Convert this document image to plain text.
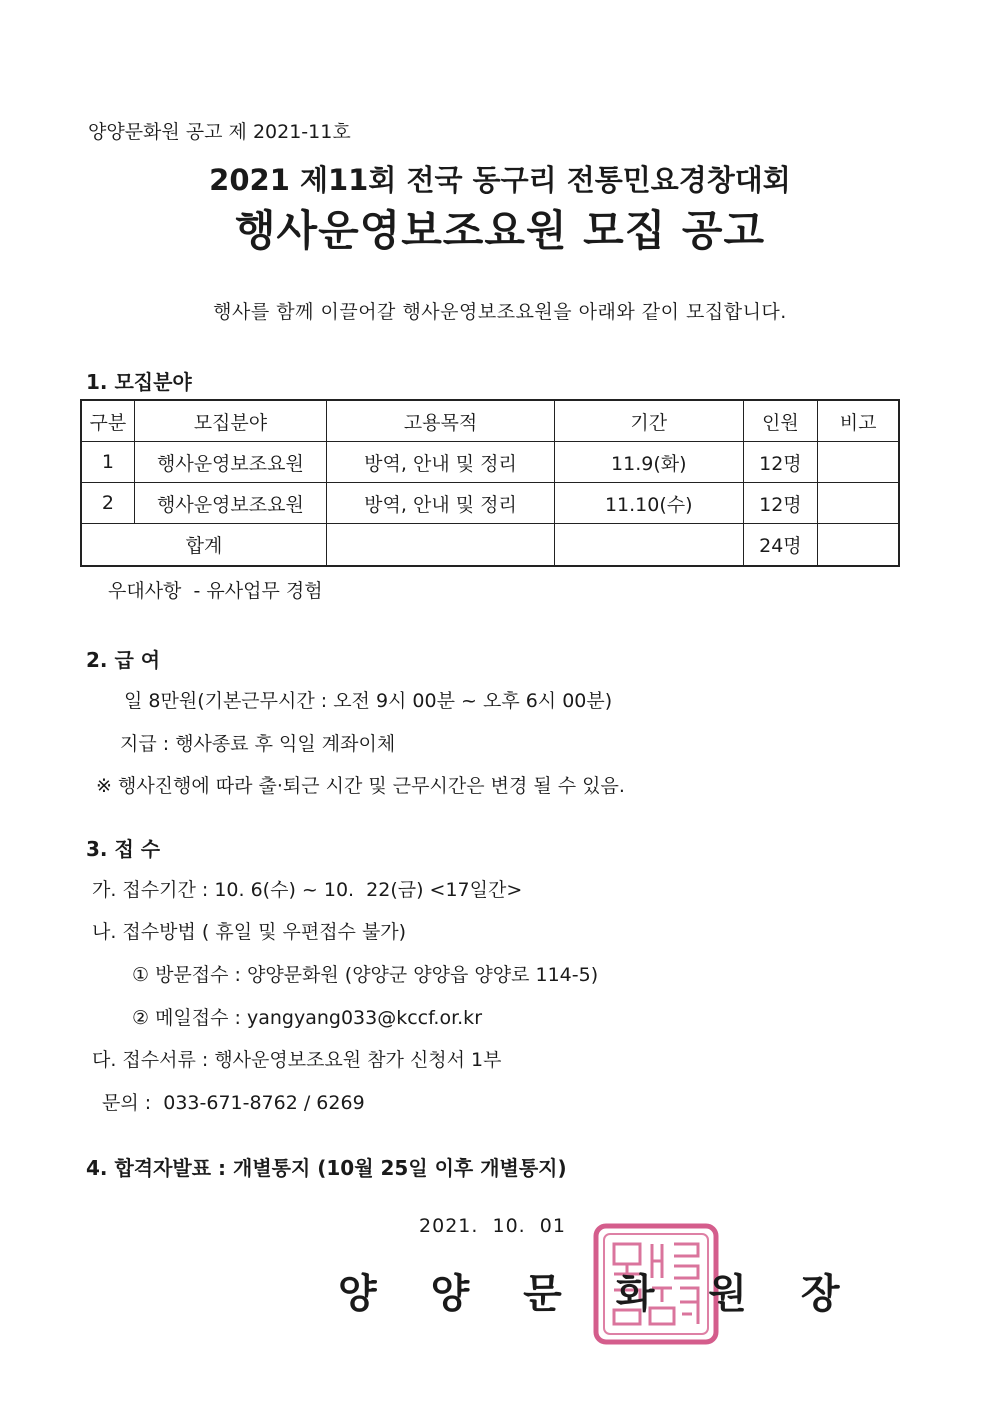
양양문화원 공고 제 2021-11호
2021 제11회 전국 동구리 전통민요경창대회
행사운영보조요원 모집 공고
행사를 함께 이끌어갈 행사운영보조요원을 아래와 같이 모집합니다.
1. 모집분야
구분	모집분야	고용목적	기간	인원	비고
1	행사운영보조요원	방역, 안내 및 정리	11.9(화)	12명	
2	행사운영보조요원	방역, 안내 및 정리	11.10(수)	12명	
합계				24명	
우대사항  - 유사업무 경험
2. 급 여
일 8만원(기본근무시간 : 오전 9시 00분 ~ 오후 6시 00분)
지급 : 행사종료 후 익일 계좌이체
※ 행사진행에 따라 출·퇴근 시간 및 근무시간은 변경 될 수 있음.
3. 접 수
가. 접수기간 : 10. 6(수) ~ 10.  22(금) <17일간>
나. 접수방법 ( 휴일 및 우편접수 불가)
① 방문접수 : 양양문화원 (양양군 양양읍 양양로 114-5)
② 메일접수 : yangyang033@kccf.or.kr
다. 접수서류 : 행사운영보조요원 참가 신청서 1부
문의 :  033-671-8762 / 6269
4. 합격자발표 : 개별통지 (10월 25일 이후 개별통지)
2021.  10.  01
양 양 문 화 원 장
